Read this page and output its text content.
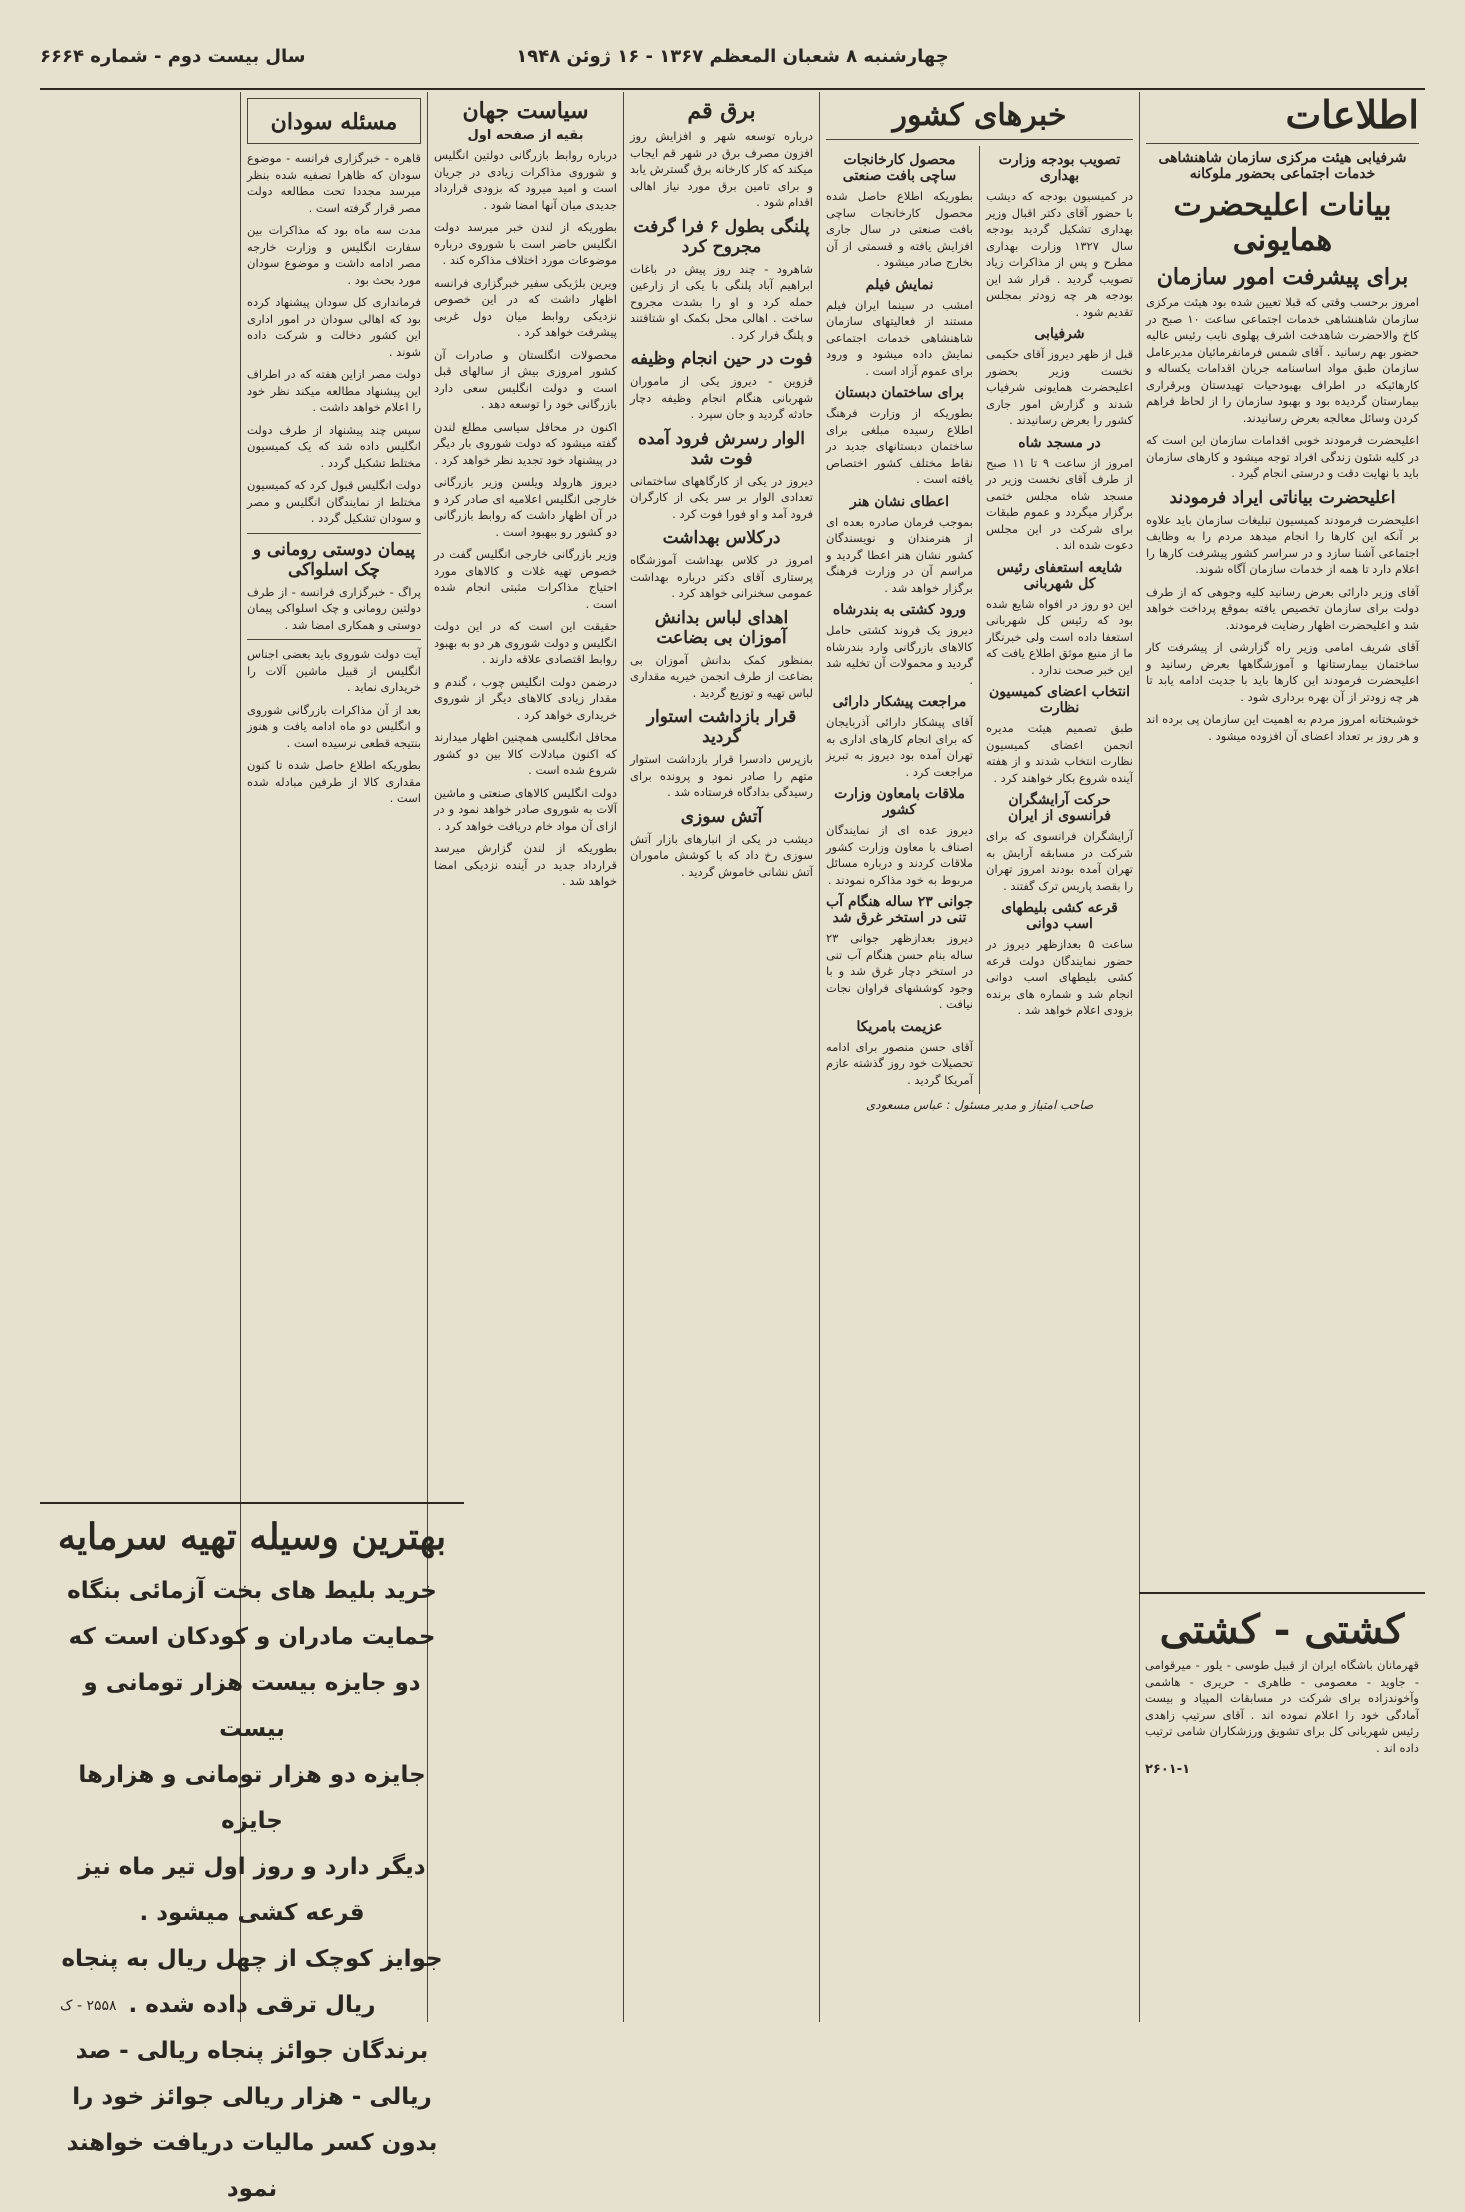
چهارشنبه ۸ شعبان المعظم ۱۳۶۷ - ۱۶ ژوئن ۱۹۴۸
سال بیست دوم - شماره ۶۶۶۴
اطلاعات
شرفیابی هیئت مرکزی سازمان شاهنشاهی خدمات اجتماعی بحضور ملوکانه
بیانات اعلیحضرت همایونی
برای پیشرفت امور سازمان
امروز برحسب وقتی که قبلا تعیین شده بود هیئت مرکزی سازمان شاهنشاهی خدمات اجتماعی ساعت ۱۰ صبح در کاخ والاحضرت شاهدخت اشرف پهلوی نایب رئیس عالیه حضور بهم رسانید . آقای شمس فرمانفرمائیان مدیرعامل سازمان طبق مواد اساسنامه جریان اقدامات یکساله و کارهائیکه در اطراف بهبودحیات تهیدستان وبرقراری بیمارستان گردیده بود و بهبود سازمان را از لحاظ فراهم کردن وسائل معالجه بعرض رسانیدند.
اعلیحضرت فرمودند خوبی اقدامات سازمان این است که در کلیه شئون زندگی افراد توجه میشود و کارهای سازمان باید با نهایت دقت و درستی انجام گیرد .
اعلیحضرت بیاناتی ایراد فرمودند
اعلیحضرت فرمودند کمیسیون تبلیغات سازمان باید علاوه بر آنکه این کارها را انجام میدهد مردم را به وظایف اجتماعی آشنا سازد و در سراسر کشور پیشرفت کارها را اعلام دارد تا همه از خدمات سازمان آگاه شوند.
آقای وزیر دارائی بعرض رسانید کلیه وجوهی که از طرف دولت برای سازمان تخصیص یافته بموقع پرداخت خواهد شد و اعلیحضرت اظهار رضایت فرمودند.
آقای شریف امامی وزیر راه گزارشی از پیشرفت کار ساختمان بیمارستانها و آموزشگاهها بعرض رسانید و اعلیحضرت فرمودند این کارها باید با جدیت ادامه یابد تا هر چه زودتر از آن بهره برداری شود .
خوشبختانه امروز مردم به اهمیت این سازمان پی برده اند و هر روز بر تعداد اعضای آن افزوده میشود .
خبرهای کشور
تصویب بودجه وزارت بهداری
در کمیسیون بودجه که دیشب با حضور آقای دکتر اقبال وزیر بهداری تشکیل گردید بودجه سال ۱۳۲۷ وزارت بهداری مطرح و پس از مذاکرات زیاد تصویب گردید . قرار شد این بودجه هر چه زودتر بمجلس تقدیم شود .
شرفیابی
قبل از ظهر دیروز آقای حکیمی نخست وزیر بحضور اعلیحضرت همایونی شرفیاب شدند و گزارش امور جاری کشور را بعرض رسانیدند .
در مسجد شاه
امروز از ساعت ۹ تا ۱۱ صبح از طرف آقای نخست وزیر در مسجد شاه مجلس ختمی برگزار میگردد و عموم طبقات برای شرکت در این مجلس دعوت شده اند .
شایعه استعفای رئیس کل شهربانی
این دو روز در افواه شایع شده بود که رئیس کل شهربانی استعفا داده است ولی خبرنگار ما از منبع موثق اطلاع یافت که این خبر صحت ندارد .
انتخاب اعضای کمیسیون نظارت
طبق تصمیم هیئت مدیره انجمن اعضای کمیسیون نظارت انتخاب شدند و از هفته آینده شروع بکار خواهند کرد .
حرکت آرایشگران فرانسوی از ایران
آرایشگران فرانسوی که برای شرکت در مسابقه آرایش به تهران آمده بودند امروز تهران را بقصد پاریس ترک گفتند .
قرعه کشی بلیطهای اسب دوانی
ساعت ۵ بعدازظهر دیروز در حضور نمایندگان دولت قرعه کشی بلیطهای اسب دوانی انجام شد و شماره های برنده بزودی اعلام خواهد شد .
محصول کارخانجات ساچی بافت صنعتی
بطوریکه اطلاع حاصل شده محصول کارخانجات ساچی بافت صنعتی در سال جاری افزایش یافته و قسمتی از آن بخارج صادر میشود .
نمایش فیلم
امشب در سینما ایران فیلم مستند از فعالیتهای سازمان شاهنشاهی خدمات اجتماعی نمایش داده میشود و ورود برای عموم آزاد است .
برای ساختمان دبستان
بطوریکه از وزارت فرهنگ اطلاع رسیده مبلغی برای ساختمان دبستانهای جدید در نقاط مختلف کشور اختصاص یافته است .
اعطای نشان هنر
بموجب فرمان صادره بعده ای از هنرمندان و نویسندگان کشور نشان هنر اعطا گردید و مراسم آن در وزارت فرهنگ برگزار خواهد شد .
ورود کشتی به بندرشاه
دیروز یک فروند کشتی حامل کالاهای بازرگانی وارد بندرشاه گردید و محمولات آن تخلیه شد .
مراجعت پیشکار دارائی
آقای پیشکار دارائی آذربایجان که برای انجام کارهای اداری به تهران آمده بود دیروز به تبریز مراجعت کرد .
ملاقات بامعاون وزارت کشور
دیروز عده ای از نمایندگان اصناف با معاون وزارت کشور ملاقات کردند و درباره مسائل مربوط به خود مذاکره نمودند .
جوانی ۲۳ ساله هنگام آب تنی در استخر غرق شد
دیروز بعدازظهر جوانی ۲۳ ساله بنام حسن هنگام آب تنی در استخر دچار غرق شد و با وجود کوششهای فراوان نجات نیافت .
عزیمت بامریکا
آقای حسن منصور برای ادامه تحصیلات خود روز گذشته عازم آمریکا گردید .
صاحب امتیاز و مدیر مسئول : عباس مسعودی
برق قم
درباره توسعه شهر و افزایش روز افزون مصرف برق در شهر قم ایجاب میکند که کار کارخانه برق گسترش یابد و برای تامین برق مورد نیاز اهالی اقدام شود .
پلنگی بطول ۶ فرا گرفت مجروح کرد
شاهرود - چند روز پیش در باغات ابراهیم آباد پلنگی با یکی از زارعین حمله کرد و او را بشدت مجروح ساخت . اهالی محل بکمک او شتافتند و پلنگ فرار کرد .
فوت در حین انجام وظیفه
قزوین - دیروز یکی از ماموران شهربانی هنگام انجام وظیفه دچار حادثه گردید و جان سپرد .
الوار رسرش فرود آمده فوت شد
دیروز در یکی از کارگاههای ساختمانی تعدادی الوار بر سر یکی از کارگران فرود آمد و او فورا فوت کرد .
درکلاس بهداشت
امروز در کلاس بهداشت آموزشگاه پرستاری آقای دکتر درباره بهداشت عمومی سخنرانی خواهد کرد .
اهدای لباس بدانش آموزان بی بضاعت
بمنظور کمک بدانش آموزان بی بضاعت از طرف انجمن خیریه مقداری لباس تهیه و توزیع گردید .
قرار بازداشت استوار گردید
بازپرس دادسرا قرار بازداشت استوار متهم را صادر نمود و پرونده برای رسیدگی بدادگاه فرستاده شد .
آتش سوزی
دیشب در یکی از انبارهای بازار آتش سوزی رخ داد که با کوشش ماموران آتش نشانی خاموش گردید .
سیاست جهان
بقیه از صفحه اول
درباره روابط بازرگانی دولتین انگلیس و شوروی مذاکرات زیادی در جریان است و امید میرود که بزودی قرارداد جدیدی میان آنها امضا شود .
بطوریکه از لندن خبر میرسد دولت انگلیس حاضر است با شوروی درباره موضوعات مورد اختلاف مذاکره کند .
ویرین بلژیکی سفیر خبرگزاری فرانسه اظهار داشت که در این خصوص نزدیکی روابط میان دول غربی پیشرفت خواهد کرد .
محصولات انگلستان و صادرات آن کشور امروزی بیش از سالهای قبل است و دولت انگلیس سعی دارد بازرگانی خود را توسعه دهد .
اکنون در محافل سیاسی مطلع لندن گفته میشود که دولت شوروی بار دیگر در پیشنهاد خود تجدید نظر خواهد کرد .
دیروز هارولد ویلسن وزیر بازرگانی خارجی انگلیس اعلامیه ای صادر کرد و در آن اظهار داشت که روابط بازرگانی دو کشور رو ببهبود است .
وزیر بازرگانی خارجی انگلیس گفت در خصوص تهیه غلات و کالاهای مورد احتیاج مذاکرات مثبتی انجام شده است .
حقیقت این است که در این دولت انگلیس و دولت شوروی هر دو به بهبود روابط اقتصادی علاقه دارند .
درضمن دولت انگلیس چوب ، گندم و مقدار زیادی کالاهای دیگر از شوروی خریداری خواهد کرد .
محافل انگلیسی همچنین اظهار میدارند که اکنون مبادلات کالا بین دو کشور شروع شده است .
دولت انگلیس کالاهای صنعتی و ماشین آلات به شوروی صادر خواهد نمود و در ازای آن مواد خام دریافت خواهد کرد .
بطوریکه از لندن گزارش میرسد قرارداد جدید در آینده نزدیکی امضا خواهد شد .
مسئله سودان
قاهره - خبرگزاری فرانسه - موضوع سودان که ظاهرا تصفیه شده بنظر میرسد مجددا تحت مطالعه دولت مصر قرار گرفته است .
مدت سه ماه بود که مذاکرات بین سفارت انگلیس و وزارت خارجه مصر ادامه داشت و موضوع سودان مورد بحث بود .
فرمانداری کل سودان پیشنهاد کرده بود که اهالی سودان در امور اداری این کشور دخالت و شرکت داده شوند .
دولت مصر ازاین هفته که در اطراف این پیشنهاد مطالعه میکند نظر خود را اعلام خواهد داشت .
سپس چند پیشنهاد از طرف دولت انگلیس داده شد که یک کمیسیون مختلط تشکیل گردد .
دولت انگلیس قبول کرد که کمیسیون مختلط از نمایندگان انگلیس و مصر و سودان تشکیل گردد .
پیمان دوستی رومانی و چک اسلواکی
پراگ - خبرگزاری فرانسه - از طرف دولتین رومانی و چک اسلواکی پیمان دوستی و همکاری امضا شد .
آیت دولت شوروی باید بعضی اجناس انگلیس از قبیل ماشین آلات را خریداری نماید .
بعد از آن مذاکرات بازرگانی شوروی و انگلیس دو ماه ادامه یافت و هنوز بنتیجه قطعی نرسیده است .
بطوریکه اطلاع حاصل شده تا کنون مقداری کالا از طرفین مبادله شده است .
بهترین وسیله تهیه سرمایه
خرید بلیط های بخت آزمائی بنگاه
حمایت مادران و کودکان است که
دو جایزه بیست هزار تومانی و بیست
جایزه دو هزار تومانی و هزارها جایزه
دیگر دارد و روز اول تیر ماه نیز
قرعه کشی میشود .
جوایز کوچک از چهل ریال به پنجاه
ریال ترقی داده شده .
برندگان جوائز پنجاه ریالی - صد
ریالی - هزار ریالی جوائز خود را
بدون کسر مالیات دریافت خواهند نمود
۲۵۵۸ - ک
کشتی - کشتی
قهرمانان باشگاه ایران از قبیل طوسی - یلور - میرقوامی - جاوید - معصومی - طاهری - حریری - هاشمی وآخوندزاده برای شرکت در مسابقات المپیاد و بیست آمادگی خود را اعلام نموده اند . آقای سرتیپ زاهدی رئیس شهربانی کل برای تشویق ورزشکاران شامی ترتیب داده اند .
۲۶۰۱-۱
